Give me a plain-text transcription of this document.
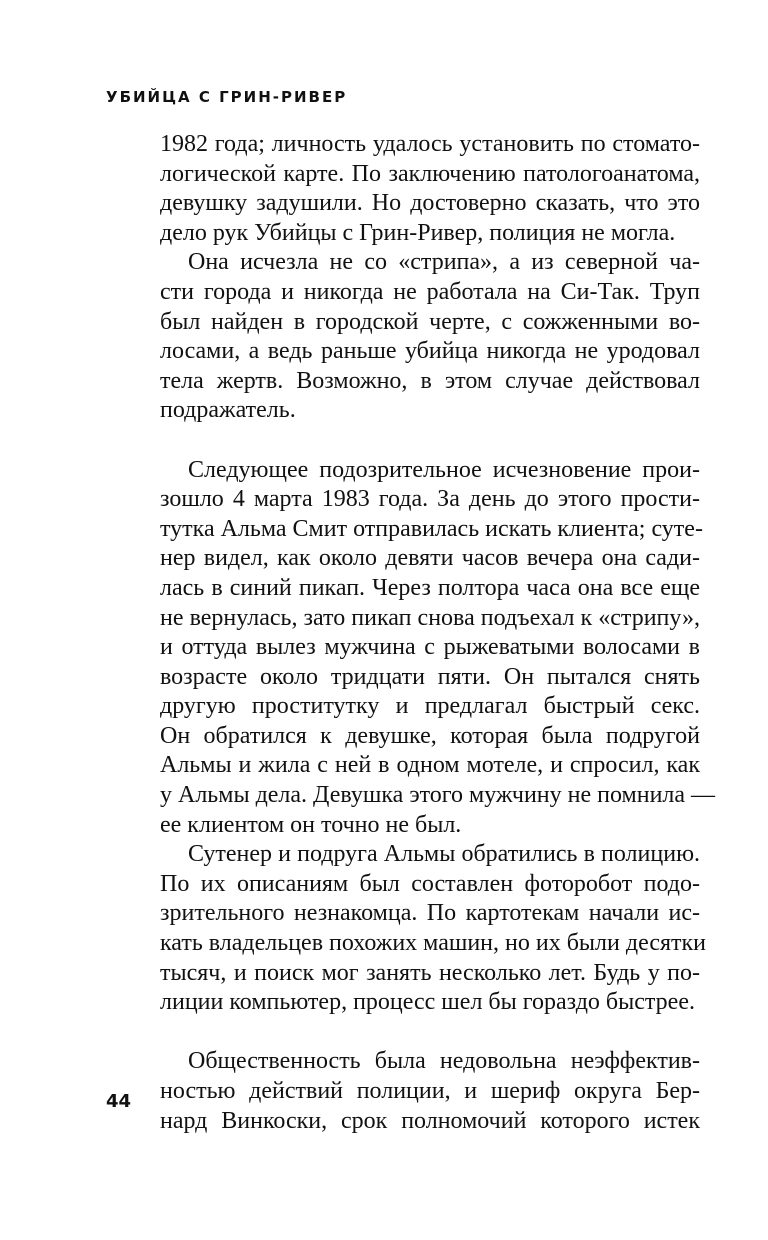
УБИЙЦА С ГРИН-РИВЕР
1982 года; личность удалось установить по стомато-
логической карте. По заключению патологоанатома,
девушку задушили. Но достоверно сказать, что это
дело рук Убийцы с Грин-Ривер, полиция не могла.
Она исчезла не со «стрипа», а из северной ча-
сти города и никогда не работала на Си-Так. Труп
был найден в городской черте, с сожженными во-
лосами, а ведь раньше убийца никогда не уродовал
тела жертв. Возможно, в этом случае действовал
подражатель.
Следующее подозрительное исчезновение прои-
зошло 4 марта 1983 года. За день до этого прости-
тутка Альма Смит отправилась искать клиента; суте-
нер видел, как около девяти часов вечера она сади-
лась в синий пикап. Через полтора часа она все еще
не вернулась, зато пикап снова подъехал к «стрипу»,
и оттуда вылез мужчина с рыжеватыми волосами в
возрасте около тридцати пяти. Он пытался снять
другую проститутку и предлагал быстрый секс.
Он обратился к девушке, которая была подругой
Альмы и жила с ней в одном мотеле, и спросил, как
у Альмы дела. Девушка этого мужчину не помнила —
ее клиентом он точно не был.
Сутенер и подруга Альмы обратились в полицию.
По их описаниям был составлен фоторобот подо-
зрительного незнакомца. По картотекам начали ис-
кать владельцев похожих машин, но их были десятки
тысяч, и поиск мог занять несколько лет. Будь у по-
лиции компьютер, процесс шел бы гораздо быстрее.
Общественность была недовольна неэффектив-
ностью действий полиции, и шериф округа Бер-
нард Винкоски, срок полномочий которого истек
44
